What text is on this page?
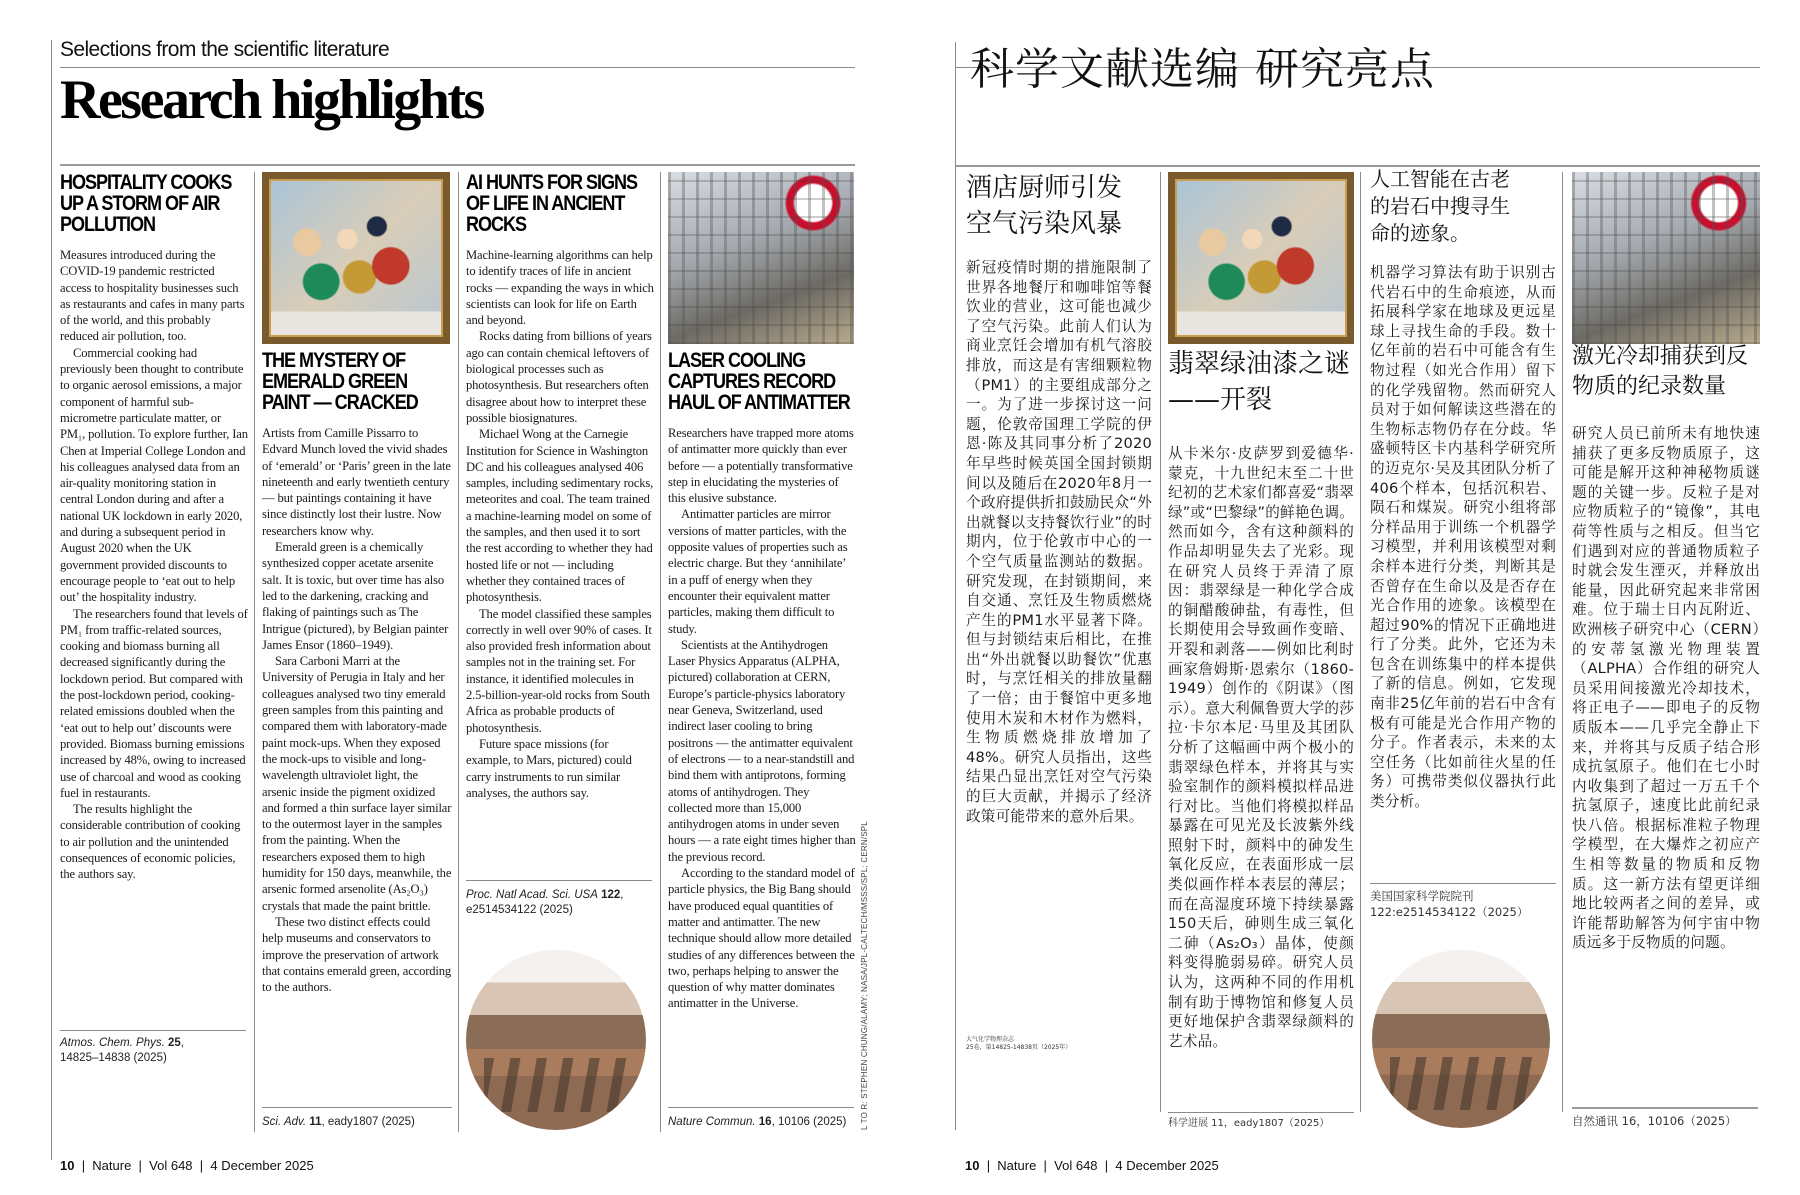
Selections from the scientific literature
Research highlights
HOSPITALITY COOKS UP A STORM OF AIR POLLUTION

Measures introduced during the COVID-19 pandemic restricted access to hospitality businesses such as restaurants and cafes in many parts of the world, and this probably reduced air pollution, too.

Commercial cooking had previously been thought to contribute to organic aerosol emissions, a major component of harmful sub-micrometre particulate matter, or PM₁, pollution. To explore further, Ian Chen at Imperial College London and his colleagues analysed data from an air-quality monitoring station in central London during and after a national UK lockdown in early 2020, and during a subsequent period in August 2020 when the UK government provided discounts to encourage people to ‘eat out to help out’ the hospitality industry.

The researchers found that levels of PM₁ from traffic-related sources, cooking and biomass burning all decreased significantly during the lockdown period. But compared with the post-lockdown period, cooking-related emissions doubled when the ‘eat out to help out’ discounts were provided. Biomass burning emissions increased by 48%, owing to increased use of charcoal and wood as cooking fuel in restaurants.

The results highlight the considerable contribution of cooking to air pollution and the unintended consequences of economic policies, the authors say.

Atmos. Chem. Phys. 25,
14825–14838 (2025)
THE MYSTERY OF EMERALD GREEN PAINT — CRACKED

Artists from Camille Pissarro to Edvard Munch loved the vivid shades of ‘emerald’ or ‘Paris’ green in the late nineteenth and early twentieth century — but paintings containing it have since distinctly lost their lustre. Now researchers know why.

Emerald green is a chemically synthesized copper acetate arsenite salt. It is toxic, but over time has also led to the darkening, cracking and flaking of paintings such as The Intrigue (pictured), by Belgian painter James Ensor (1860–1949).

Sara Carboni Marri at the University of Perugia in Italy and her colleagues analysed two tiny emerald green samples from this painting and compared them with laboratory-made paint mock-ups. When they exposed the mock-ups to visible and long-wavelength ultraviolet light, the arsenic inside the pigment oxidized and formed a thin surface layer similar to the outermost layer in the samples from the painting. When the researchers exposed them to high humidity for 150 days, meanwhile, the arsenic formed arsenolite (As₂O₃) crystals that made the paint brittle.

These two distinct effects could help museums and conservators to improve the preservation of artwork that contains emerald green, according to the authors.

Sci. Adv. 11, eady1807 (2025)
AI HUNTS FOR SIGNS OF LIFE IN ANCIENT ROCKS

Machine-learning algorithms can help to identify traces of life in ancient rocks — expanding the ways in which scientists can look for life on Earth and beyond.

Rocks dating from billions of years ago can contain chemical leftovers of biological processes such as photosynthesis. But researchers often disagree about how to interpret these possible biosignatures.

Michael Wong at the Carnegie Institution for Science in Washington DC and his colleagues analysed 406 samples, including sedimentary rocks, meteorites and coal. The team trained a machine-learning model on some of the samples, and then used it to sort the rest according to whether they had hosted life or not — including whether they contained traces of photosynthesis.

The model classified these samples correctly in well over 90% of cases. It also provided fresh information about samples not in the training set. For instance, it identified molecules in 2.5-billion-year-old rocks from South Africa as probable products of photosynthesis.

Future space missions (for example, to Mars, pictured) could carry instruments to run similar analyses, the authors say.

Proc. Natl Acad. Sci. USA 122,
e2514534122 (2025)
LASER COOLING CAPTURES RECORD HAUL OF ANTIMATTER

Researchers have trapped more atoms of antimatter more quickly than ever before — a potentially transformative step in elucidating the mysteries of this elusive substance.

Antimatter particles are mirror versions of matter particles, with the opposite values of properties such as electric charge. But they ‘annihilate’ in a puff of energy when they encounter their equivalent matter particles, making them difficult to study.

Scientists at the Antihydrogen Laser Physics Apparatus (ALPHA, pictured) collaboration at CERN, Europe’s particle-physics laboratory near Geneva, Switzerland, used indirect laser cooling to bring positrons — the antimatter equivalent of electrons — to a near-standstill and bind them with antiprotons, forming atoms of antihydrogen. They collected more than 15,000 antihydrogen atoms in under seven hours — a rate eight times higher than the previous record.

According to the standard model of particle physics, the Big Bang should have produced equal quantities of matter and antimatter. The new technique should allow more detailed studies of any differences between the two, perhaps helping to answer the question of why matter dominates antimatter in the Universe.

Nature Commun. 16, 10106 (2025)	L TO R: STEPHEN CHUNG/ALAMY; NASA/JPL-CALTECH/MSSS/SPL; CERN/SPL
10  |  Nature  |  Vol 648  |  4 December 2025
科学文献选编 研究亮点
酒店厨师引发空气污染风暴
新冠疫情时期的措施限制了世界各地餐厅和咖啡馆等餐饮业的营业，这可能也减少了空气污染。此前人们认为商业烹饪会增加有机气溶胶排放，而这是有害细颗粒物（PM1）的主要组成部分之一。为了进一步探讨这一问题，伦敦帝国理工学院的伊恩·陈及其同事分析了2020年早些时候英国全国封锁期间以及随后在2020年8月一个政府提供折扣鼓励民众“外出就餐以支持餐饮行业”的时期内，位于伦敦市中心的一个空气质量监测站的数据。研究发现，在封锁期间，来自交通、烹饪及生物质燃烧产生的PM1水平显著下降。但与封锁结束后相比，在推出“外出就餐以助餐饮”优惠时，与烹饪相关的排放量翻了一倍；由于餐馆中更多地使用木炭和木材作为燃料，生物质燃烧排放增加了48%。研究人员指出，这些结果凸显出烹饪对空气污染的巨大贡献，并揭示了经济政策可能带来的意外后果。
大气化学物理杂志
25卷，第14825-14838页（2025年）
翡翠绿油漆之谜——开裂
从卡米尔·皮萨罗到爱德华·蒙克，十九世纪末至二十世纪初的艺术家们都喜爱“翡翠绿”或“巴黎绿”的鲜艳色调。然而如今，含有这种颜料的作品却明显失去了光彩。现在研究人员终于弄清了原因：翡翠绿是一种化学合成的铜醋酸砷盐，有毒性，但长期使用会导致画作变暗、开裂和剥落——例如比利时画家詹姆斯·恩索尔（1860-1949）创作的《阴谋》（图示）。意大利佩鲁贾大学的莎拉·卡尔本尼·马里及其团队分析了这幅画中两个极小的翡翠绿色样本，并将其与实验室制作的颜料模拟样品进行对比。当他们将模拟样品暴露在可见光及长波紫外线照射下时，颜料中的砷发生氧化反应，在表面形成一层类似画作样本表层的薄层；而在高湿度环境下持续暴露150天后，砷则生成三氧化二砷（As₂O₃）晶体，使颜料变得脆弱易碎。研究人员认为，这两种不同的作用机制有助于博物馆和修复人员更好地保护含翡翠绿颜料的艺术品。
科学进展 11，eady1807（2025）
人工智能在古老的岩石中搜寻生命的迹象。
机器学习算法有助于识别古代岩石中的生命痕迹，从而拓展科学家在地球及更远星球上寻找生命的手段。数十亿年前的岩石中可能含有生物过程（如光合作用）留下的化学残留物。然而研究人员对于如何解读这些潜在的生物标志物仍存在分歧。华盛顿特区卡内基科学研究所的迈克尔·吴及其团队分析了406个样本，包括沉积岩、陨石和煤炭。研究小组将部分样品用于训练一个机器学习模型，并利用该模型对剩余样本进行分类，判断其是否曾存在生命以及是否存在光合作用的迹象。该模型在超过90%的情况下正确地进行了分类。此外，它还为未包含在训练集中的样本提供了新的信息。例如，它发现南非25亿年前的岩石中含有极有可能是光合作用产物的分子。作者表示，未来的太空任务（比如前往火星的任务）可携带类似仪器执行此类分析。
美国国家科学院院刊
122:e2514534122（2025）
激光冷却捕获到反物质的纪录数量
研究人员已前所未有地快速捕获了更多反物质原子，这可能是解开这种神秘物质谜题的关键一步。反粒子是对应物质粒子的“镜像”，其电荷等性质与之相反。但当它们遇到对应的普通物质粒子时就会发生湮灭，并释放出能量，因此研究起来非常困难。位于瑞士日内瓦附近、欧洲核子研究中心（CERN）的安蒂氢激光物理装置（ALPHA）合作组的研究人员采用间接激光冷却技术，将正电子——即电子的反物质版本——几乎完全静止下来，并将其与反质子结合形成抗氢原子。他们在七小时内收集到了超过一万五千个抗氢原子，速度比此前纪录快八倍。根据标准粒子物理学模型，在大爆炸之初应产生相等数量的物质和反物质。这一新方法有望更详细地比较两者之间的差异，或许能帮助解答为何宇宙中物质远多于反物质的问题。
自然通讯 16，10106（2025）
10  |  Nature  |  Vol 648  |  4 December 2025
